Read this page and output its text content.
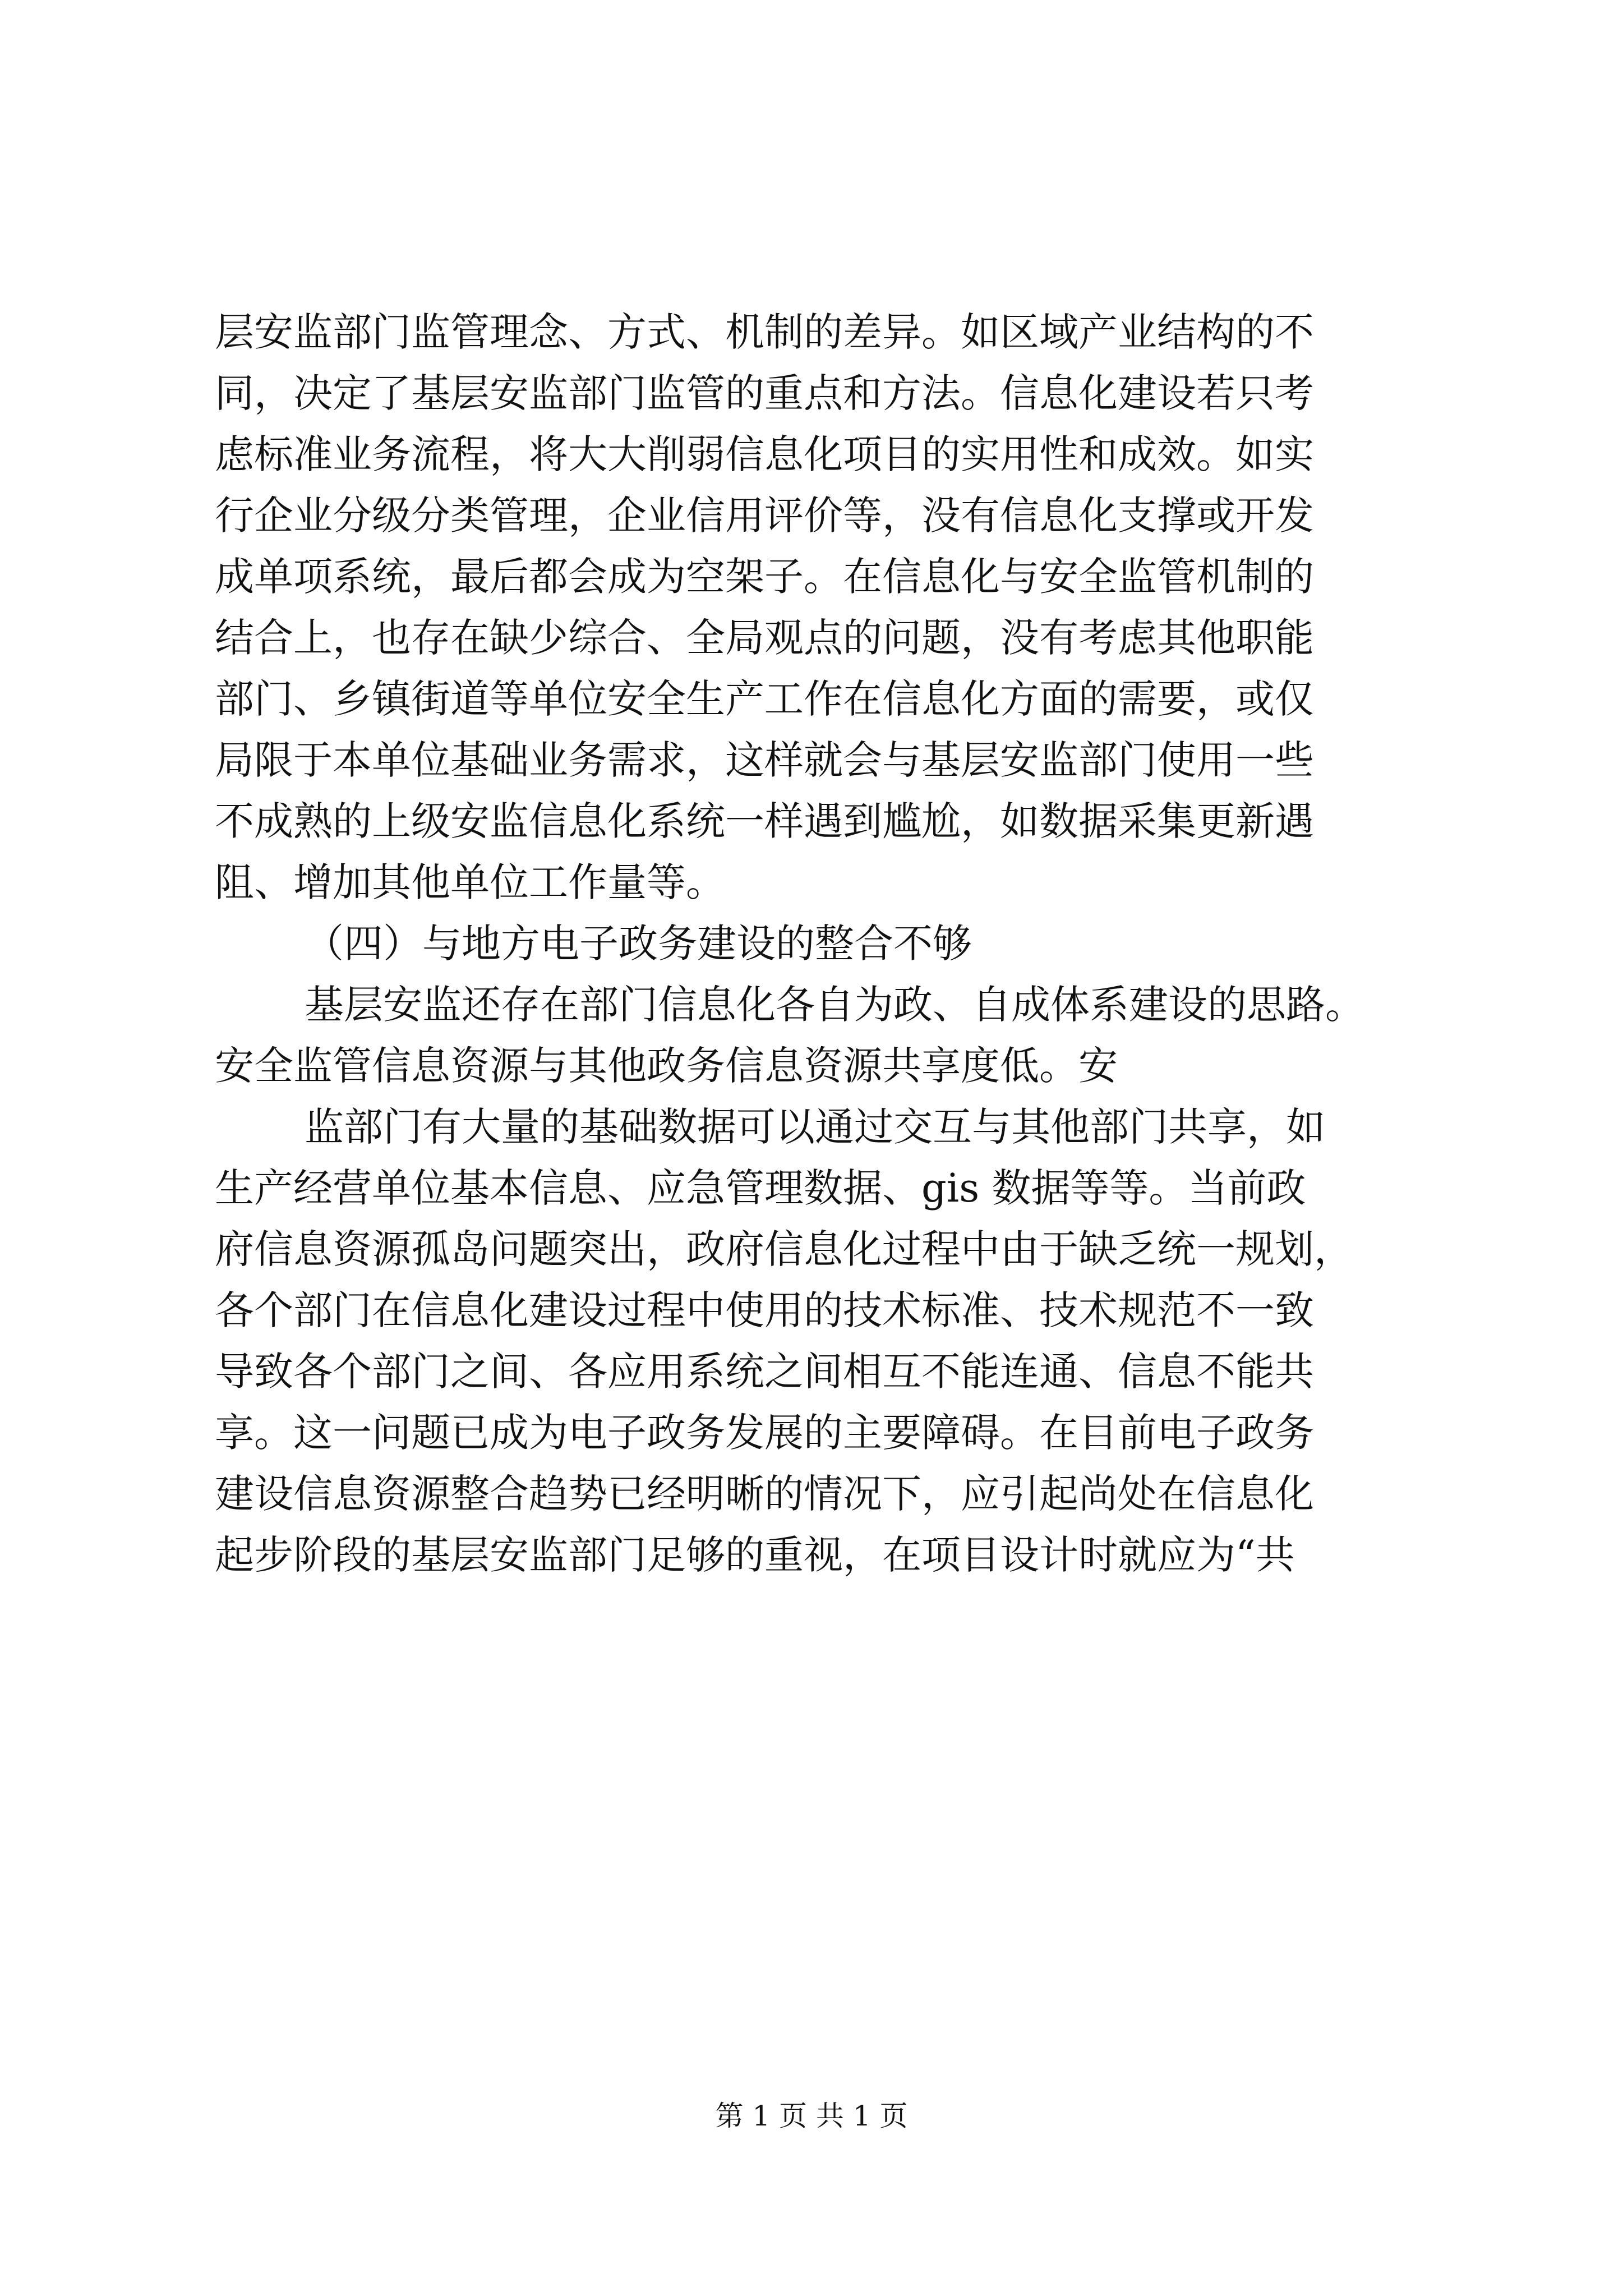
层安监部门监管理念、方式、机制的差异。如区域产业结构的不
同，决定了基层安监部门监管的重点和方法。信息化建设若只考
虑标准业务流程，将大大削弱信息化项目的实用性和成效。如实
行企业分级分类管理，企业信用评价等，没有信息化支撑或开发
成单项系统，最后都会成为空架子。在信息化与安全监管机制的
结合上，也存在缺少综合、全局观点的问题，没有考虑其他职能
部门、乡镇街道等单位安全生产工作在信息化方面的需要，或仅
局限于本单位基础业务需求，这样就会与基层安监部门使用一些
不成熟的上级安监信息化系统一样遇到尴尬，如数据采集更新遇
阻、增加其他单位工作量等。
（四）与地方电子政务建设的整合不够
基层安监还存在部门信息化各自为政、自成体系建设的思路。
安全监管信息资源与其他政务信息资源共享度低。安
监部门有大量的基础数据可以通过交互与其他部门共享，如
生产经营单位基本信息、应急管理数据、gis 数据等等。当前政
府信息资源孤岛问题突出，政府信息化过程中由于缺乏统一规划，
各个部门在信息化建设过程中使用的技术标准、技术规范不一致
导致各个部门之间、各应用系统之间相互不能连通、信息不能共
享。这一问题已成为电子政务发展的主要障碍。在目前电子政务
建设信息资源整合趋势已经明晰的情况下，应引起尚处在信息化
起步阶段的基层安监部门足够的重视，在项目设计时就应为“共
第 1 页 共 1 页
